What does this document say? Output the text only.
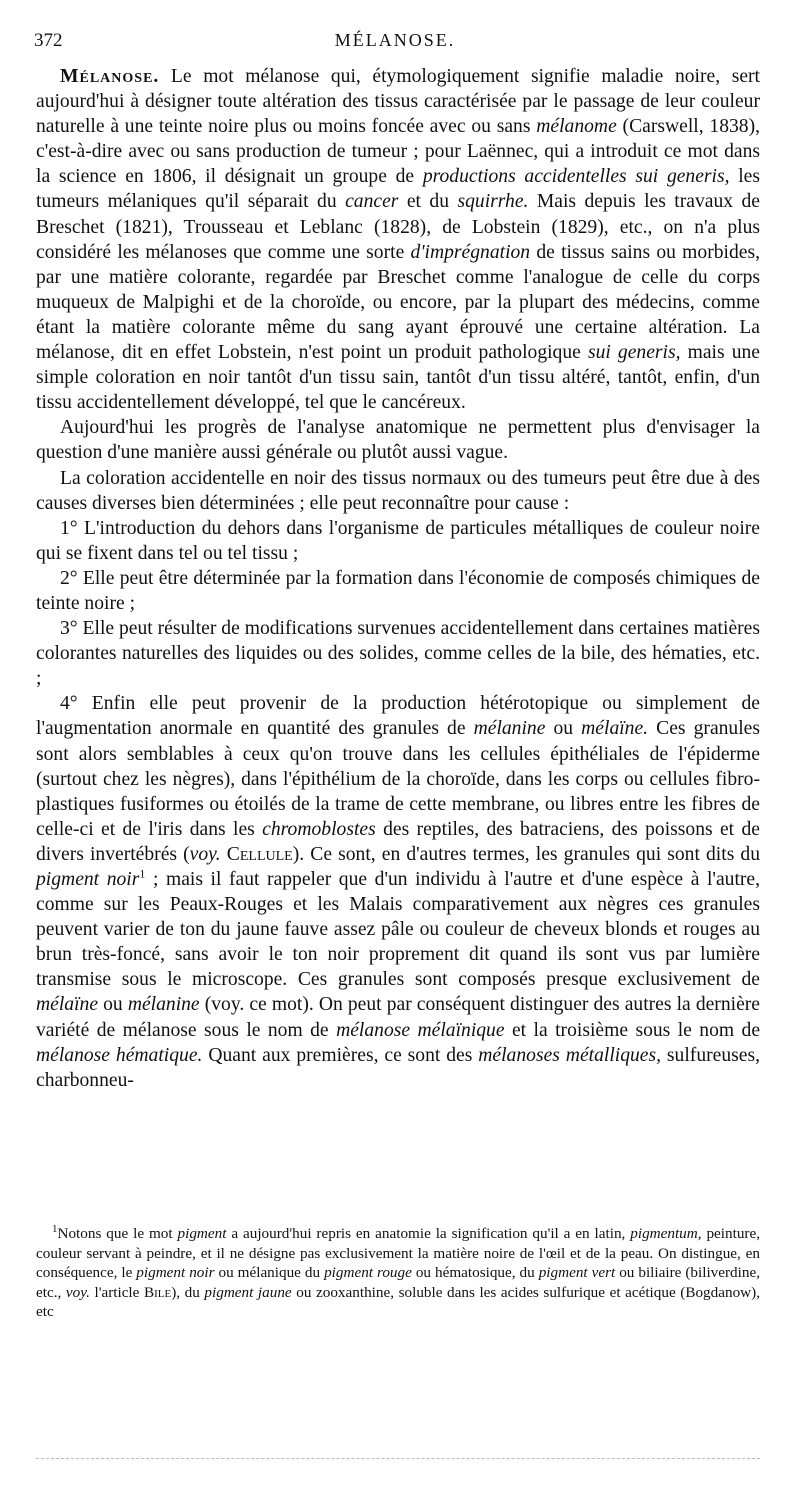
372	MÉLANOSE.

Mélanose. Le mot mélanose qui, étymologiquement signifie maladie noire, sert aujourd'hui à désigner toute altération des tissus caractérisée par le passage de leur couleur naturelle à une teinte noire plus ou moins foncée avec ou sans mélanome (Carswell, 1838), c'est-à-dire avec ou sans production de tumeur ; pour Laënnec, qui a introduit ce mot dans la science en 1806, il désignait un groupe de productions accidentelles sui generis, les tumeurs mélaniques qu'il séparait du cancer et du squirrhe. Mais depuis les travaux de Breschet (1821), Trousseau et Leblanc (1828), de Lobstein (1829), etc., on n'a plus considéré les mélanoses que comme une sorte d'imprégnation de tissus sains ou morbides, par une matière colorante, regardée par Breschet comme l'analogue de celle du corps muqueux de Malpighi et de la choroïde, ou encore, par la plupart des médecins, comme étant la matière colorante même du sang ayant éprouvé une certaine altération. La mélanose, dit en effet Lobstein, n'est point un produit pathologique sui generis, mais une simple coloration en noir tantôt d'un tissu sain, tantôt d'un tissu altéré, tantôt, enfin, d'un tissu accidentellement développé, tel que le cancéreux.

Aujourd'hui les progrès de l'analyse anatomique ne permettent plus d'envisager la question d'une manière aussi générale ou plutôt aussi vague.

La coloration accidentelle en noir des tissus normaux ou des tumeurs peut être due à des causes diverses bien déterminées ; elle peut reconnaître pour cause :

1° L'introduction du dehors dans l'organisme de particules métalliques de couleur noire qui se fixent dans tel ou tel tissu ;

2° Elle peut être déterminée par la formation dans l'économie de composés chimiques de teinte noire ;

3° Elle peut résulter de modifications survenues accidentellement dans certaines matières colorantes naturelles des liquides ou des solides, comme celles de la bile, des hématies, etc. ;

4° Enfin elle peut provenir de la production hétérotopique ou simplement de l'augmentation anormale en quantité des granules de mélanine ou mélaïne. Ces granules sont alors semblables à ceux qu'on trouve dans les cellules épithéliales de l'épiderme (surtout chez les nègres), dans l'épithélium de la choroïde, dans les corps ou cellules fibro-plastiques fusiformes ou étoilés de la trame de cette membrane, ou libres entre les fibres de celle-ci et de l'iris dans les chromoblostes des reptiles, des batraciens, des poissons et de divers invertébrés (voy. Cellule). Ce sont, en d'autres termes, les granules qui sont dits du pigment noir$^1$ ; mais il faut rappeler que d'un individu à l'autre et d'une espèce à l'autre, comme sur les Peaux-Rouges et les Malais comparativement aux nègres ces granules peuvent varier de ton du jaune fauve assez pâle ou couleur de cheveux blonds et rouges au brun très-foncé, sans avoir le ton noir proprement dit quand ils sont vus par lumière transmise sous le microscope. Ces granules sont composés presque exclusivement de mélaïne ou mélanine (voy. ce mot). On peut par conséquent distinguer des autres la dernière variété de mélanose sous le nom de mélanose mélaïnique et la troisième sous le nom de mélanose hématique. Quant aux premières, ce sont des mélanoses métalliques, sulfureuses, charbonneu-

$^1$Notons que le mot pigment a aujourd'hui repris en anatomie la signification qu'il a en latin, pigmentum, peinture, couleur servant à peindre, et il ne désigne pas exclusivement la matière noire de l'œil et de la peau. On distingue, en conséquence, le pigment noir ou mélanique du pigment rouge ou hématosique, du pigment vert ou biliaire (biliverdine, etc., voy. l'article Bile), du pigment jaune ou zooxanthine, soluble dans les acides sulfurique et acétique (Bogdanow), etc
